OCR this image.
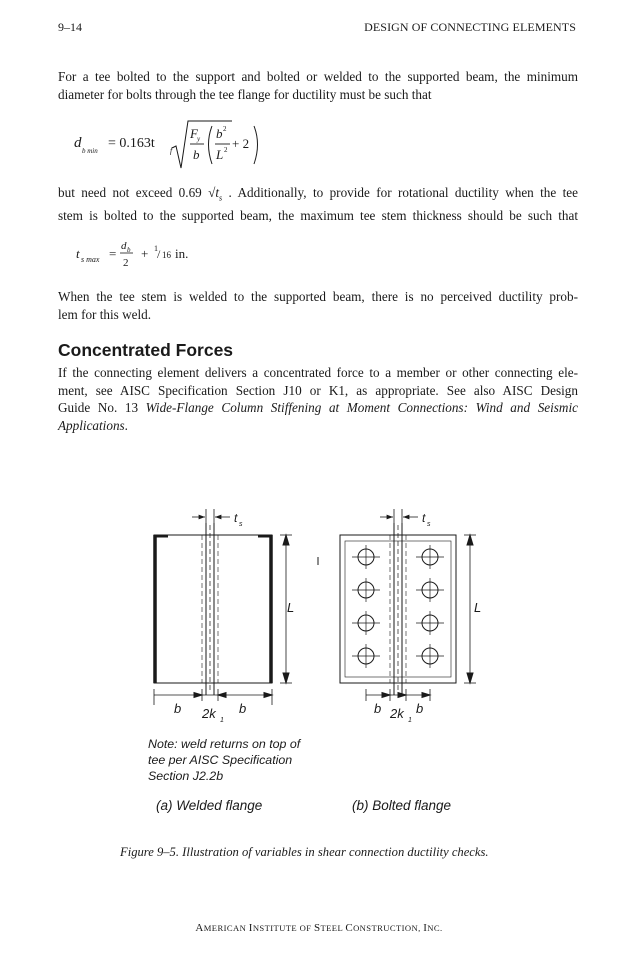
9–14	DESIGN OF CONNECTING ELEMENTS
For a tee bolted to the support and bolted or welded to the supported beam, the minimum
diameter for bolts through the tee flange for ductility must be such that
d b min = 0.163t f
F y
b
b 2
L 2 + 2
but need not exceed 0.69 $√t_s$ . Additionally, to provide for rotational ductility when the tee
stem is bolted to the supported beam, the maximum tee stem thickness should be such that
t s max = d b
2
+ 1 / 16 in.
When the tee stem is welded to the supported beam, there is no perceived ductility prob-
lem for this weld.
Concentrated Forces
If the connecting element delivers a concentrated force to a member or other connecting ele-
ment, see AISC Specification Section J10 or K1, as appropriate. See also AISC Design
Guide No. 13 Wide-Flange Column Stiffening at Moment Connections: Wind and Seismic
Applications.
t s
L
b 2k 1
b
t s
L
b 2k 1
b
Note: weld returns on top of
tee per AISC Specification
Section J2.2b
(a) Welded flange	(b) Bolted flange
Figure 9–5. Illustration of variables in shear connection ductility checks.
AMERICAN INSTITUTE OF STEEL CONSTRUCTION, INC.
